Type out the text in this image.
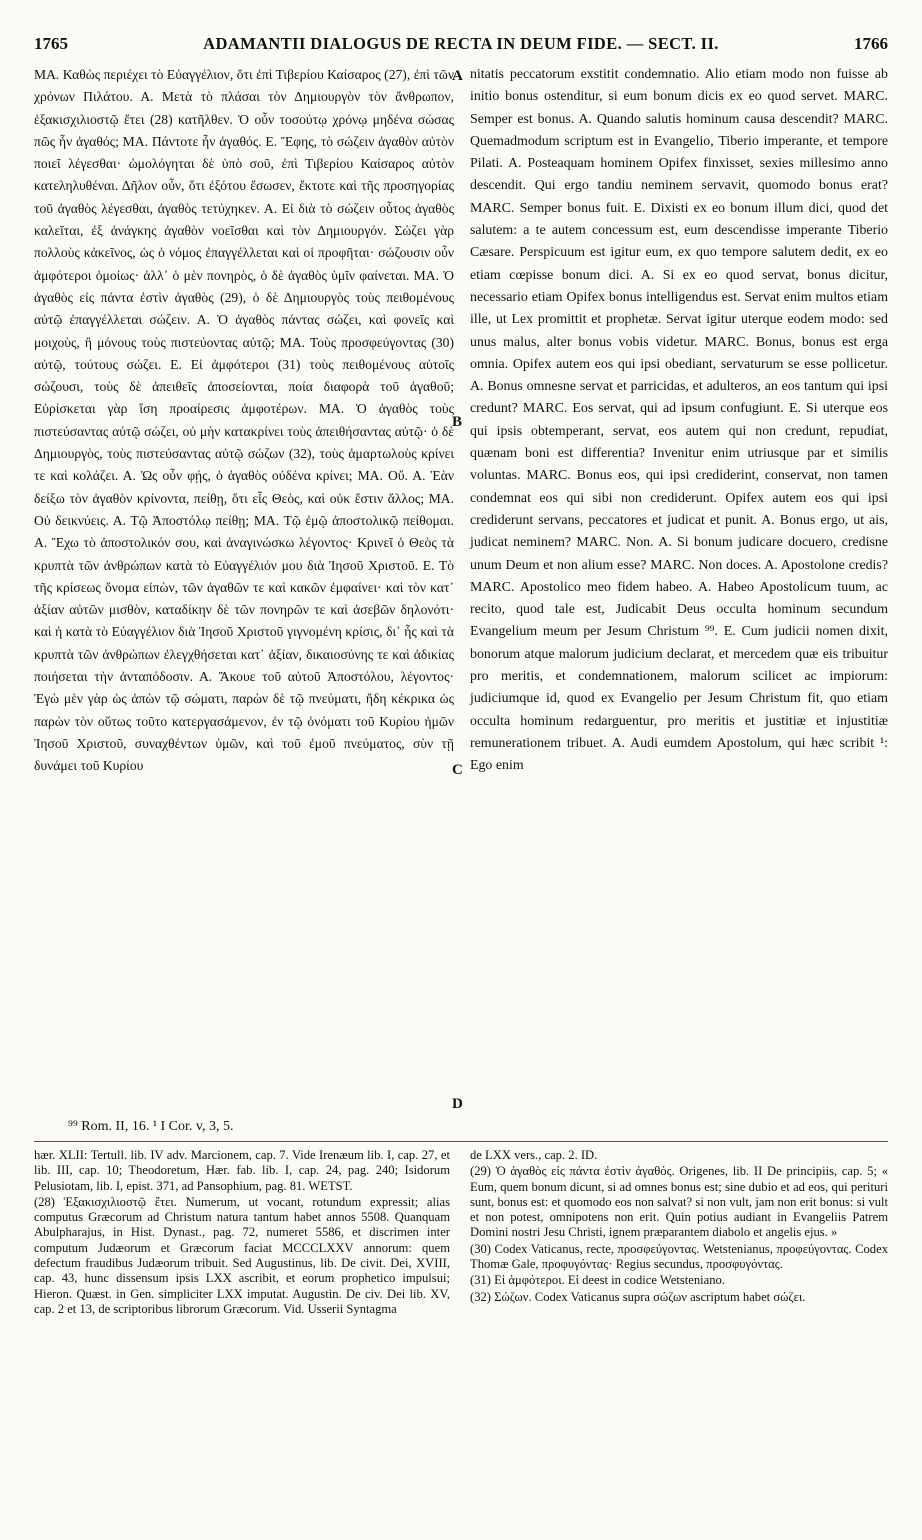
1765	ADAMANTII DIALOGUS DE RECTA IN DEUM FIDE. — SECT. II.	1766

ΜΑ. Καθὼς περιέχει τὸ Εὐαγγέλιον, ὅτι ἐπὶ Τιβερίου Καίσαρος (27), ἐπὶ τῶν χρόνων Πιλάτου. Α. Μετὰ τὸ πλάσαι τὸν Δημιουργὸν τὸν ἄνθρωπον, ἑξακισχιλιοστῷ ἔτει (28) κατῆλθεν. Ὁ οὖν τοσούτῳ χρόνῳ μηδένα σώσας πῶς ἦν ἀγαθός; ΜΑ. Πάντοτε ἦν ἀγαθός. Ε. Ἔφης, τὸ σώζειν ἀγαθὸν αὐτὸν ποιεῖ λέγεσθαι· ὡμολόγηται δὲ ὑπὸ σοῦ, ἐπὶ Τιβερίου Καίσαρος αὐτὸν κατεληλυθέναι. Δῆλον οὖν, ὅτι ἐξότου ἔσωσεν, ἔκτοτε καὶ τῆς προσηγορίας τοῦ ἀγαθὸς λέγεσθαι, ἀγαθὸς τετύχηκεν. Α. Εἰ διὰ τὸ σώζειν οὗτος ἀγαθὸς καλεῖται, ἐξ ἀνάγκης ἀγαθὸν νοεῖσθαι καὶ τὸν Δημιουργόν. Σώζει γὰρ πολλοὺς κἀκεῖνος, ὡς ὁ νόμος ἐπαγγέλλεται καὶ οἱ προφῆται· σώζουσιν οὖν ἀμφότεροι ὁμοίως· ἀλλ᾿ ὁ μὲν πονηρὸς, ὁ δὲ ἀγαθὸς ὑμῖν φαίνεται. ΜΑ. Ὁ ἀγαθὸς εἰς πάντα ἐστὶν ἀγαθὸς (29), ὁ δὲ Δημιουργὸς τοὺς πειθομένους αὐτῷ ἐπαγγέλλεται σώζειν. Α. Ὁ ἀγαθὸς πάντας σώζει, καὶ φονεῖς καὶ μοιχοὺς, ἢ μόνους τοὺς πιστεύοντας αὐτῷ; ΜΑ. Τοὺς προσφεύγοντας (30) αὐτῷ, τούτους σώζει. Ε. Εἰ ἀμφότεροι (31) τοὺς πειθομένους αὐτοῖς σώζουσι, τοὺς δὲ ἀπειθεῖς ἀποσείονται, ποία διαφορὰ τοῦ ἀγαθοῦ; Εὑρίσκεται γὰρ ἴση προαίρεσις ἀμφοτέρων. ΜΑ. Ὁ ἀγαθὸς τοὺς πιστεύσαντας αὐτῷ σώζει, οὐ μὴν κατακρίνει τοὺς ἀπειθήσαντας αὐτῷ· ὁ δὲ Δημιουργὸς, τοὺς πιστεύσαντας αὐτῷ σώζων (32), τοὺς ἁμαρτωλοὺς κρίνει τε καὶ κολάζει. Α. Ὡς οὖν φῄς, ὁ ἀγαθὸς οὐδένα κρίνει; ΜΑ. Οὔ. Α. Ἐὰν δείξω τὸν ἀγαθὸν κρίνοντα, πείθῃ, ὅτι εἷς Θεὸς, καὶ οὐκ ἔστιν ἄλλος; ΜΑ. Οὐ δεικνύεις. Α. Τῷ Ἀποστόλῳ πείθῃ; ΜΑ. Τῷ ἐμῷ ἀποστολικῷ πείθομαι. Α. Ἔχω τὸ ἀποστολικόν σου, καὶ ἀναγινώσκω λέγοντος· Κρινεῖ ὁ Θεὸς τὰ κρυπτὰ τῶν ἀνθρώπων κατὰ τὸ Εὐαγγέλιόν μου διὰ Ἰησοῦ Χριστοῦ. Ε. Τὸ τῆς κρίσεως ὄνομα εἰπὼν, τῶν ἀγαθῶν τε καὶ κακῶν ἐμφαίνει· καὶ τὸν κατ᾿ ἀξίαν αὐτῶν μισθὸν, καταδίκην δὲ τῶν πονηρῶν τε καὶ ἀσεβῶν δηλονότι· καὶ ἡ κατὰ τὸ Εὐαγγέλιον διὰ Ἰησοῦ Χριστοῦ γιγνομένη κρίσις, δι᾿ ἧς καὶ τὰ κρυπτὰ τῶν ἀνθρώπων ἐλεγχθήσεται κατ᾿ ἀξίαν, δικαιοσύνης τε καὶ ἀδικίας ποιήσεται τὴν ἀνταπόδοσιν. Α. Ἄκουε τοῦ αὐτοῦ Ἀποστόλου, λέγοντος· Ἐγὼ μὲν γὰρ ὡς ἀπὼν τῷ σώματι, παρὼν δὲ τῷ πνεύματι, ἤδη κέκρικα ὡς παρὼν τὸν οὕτως τοῦτο κατεργασάμενον, ἐν τῷ ὀνόματι τοῦ Κυρίου ἡμῶν Ἰησοῦ Χριστοῦ, συναχθέντων ὑμῶν, καὶ τοῦ ἐμοῦ πνεύματος, σὺν τῇ δυνάμει τοῦ Κυρίου

A
B
C
D

nitatis peccatorum exstitit condemnatio. Alio etiam modo non fuisse ab initio bonus ostenditur, si eum bonum dicis ex eo quod servet. MARC. Semper est bonus. A. Quando salutis hominum causa descendit? MARC. Quemadmodum scriptum est in Evangelio, Tiberio imperante, et tempore Pilati. A. Posteaquam hominem Opifex finxisset, sexies millesimo anno descendit. Qui ergo tandiu neminem servavit, quomodo bonus erat? MARC. Semper bonus fuit. E. Dixisti ex eo bonum illum dici, quod det salutem: a te autem concessum est, eum descendisse imperante Tiberio Cæsare. Perspicuum est igitur eum, ex quo tempore salutem dedit, ex eo etiam cœpisse bonum dici. A. Si ex eo quod servat, bonus dicitur, necessario etiam Opifex bonus intelligendus est. Servat enim multos etiam ille, ut Lex promittit et prophetæ. Servat igitur uterque eodem modo: sed unus malus, alter bonus vobis videtur. MARC. Bonus, bonus est erga omnia. Opifex autem eos qui ipsi obediant, servaturum se esse pollicetur. A. Bonus omnesne servat et parricidas, et adulteros, an eos tantum qui ipsi credunt? MARC. Eos servat, qui ad ipsum confugiunt. E. Si uterque eos qui ipsis obtemperant, servat, eos autem qui non credunt, repudiat, quænam boni est differentia? Invenitur enim utriusque par et similis voluntas. MARC. Bonus eos, qui ipsi crediderint, conservat, non tamen condemnat eos qui sibi non crediderunt. Opifex autem eos qui ipsi crediderunt servans, peccatores et judicat et punit. A. Bonus ergo, ut ais, judicat neminem? MARC. Non. A. Si bonum judicare docuero, credisne unum Deum et non alium esse? MARC. Non doces. A. Apostolone credis? MARC. Apostolico meo fidem habeo. A. Habeo Apostolicum tuum, ac recito, quod tale est, Judicabit Deus occulta hominum secundum Evangelium meum per Jesum Christum ⁹⁹. E. Cum judicii nomen dixit, bonorum atque malorum judicium declarat, et mercedem quæ eis tribuitur pro meritis, et condemnationem, malorum scilicet ac impiorum: judiciumque id, quod ex Evangelio per Jesum Christum fit, quo etiam occulta hominum redarguentur, pro meritis et justitiæ et injustitiæ remunerationem tribuet. A. Audi eumdem Apostolum, qui hæc scribit ¹: Ego enim

⁹⁹ Rom. II, 16. ¹ I Cor. v, 3, 5.

hær. XLII: Tertull. lib. IV adv. Marcionem, cap. 7. Vide Irenæum lib. I, cap. 27, et lib. III, cap. 10; Theodoretum, Hær. fab. lib. I, cap. 24, pag. 240; Isidorum Pelusiotam, lib. I, epist. 371, ad Pansophium, pag. 81. WETST.

(28) Ἑξακισχιλιοστῷ ἔτει. Numerum, ut vocant, rotundum expressit; alias computus Græcorum ad Christum natura tantum habet annos 5508. Quanquam Abulpharajus, in Hist. Dynast., pag. 72, numeret 5586, et discrimen inter computum Judæorum et Græcorum faciat MCCCLXXV annorum: quem defectum fraudibus Judæorum tribuit. Sed Augustinus, lib. De civit. Dei, XVIII, cap. 43, hunc dissensum ipsis LXX ascribit, et eorum prophetico impulsui; Hieron. Quæst. in Gen. simpliciter LXX imputat. Augustin. De civ. Dei lib. XV, cap. 2 et 13, de scriptoribus librorum Græcorum. Vid. Usserii Syntagma

de LXX vers., cap. 2. ID.

(29) Ὁ ἀγαθὸς εἰς πάντα ἐστὶν ἀγαθός. Origenes, lib. II De principiis, cap. 5; « Eum, quem bonum dicunt, si ad omnes bonus est; sine dubio et ad eos, qui perituri sunt, bonus est: et quomodo eos non salvat? si non vult, jam non erit bonus: si vult et non potest, omnipotens non erit. Quin potius audiant in Evangeliis Patrem Domini nostri Jesu Christi, ignem præparantem diabolo et angelis ejus. »

(30) Codex Vaticanus, recte, προσφεύγοντας. Wetstenianus, προφεύγοντας. Codex Thomæ Gale, προφυγόντας· Regius secundus, προσφυγόντας.

(31) Εἰ ἀμφότεροι. Εἰ deest in codice Wetsteniano.

(32) Σώζων. Codex Vaticanus supra σώζων ascriptum habet σώζει.
